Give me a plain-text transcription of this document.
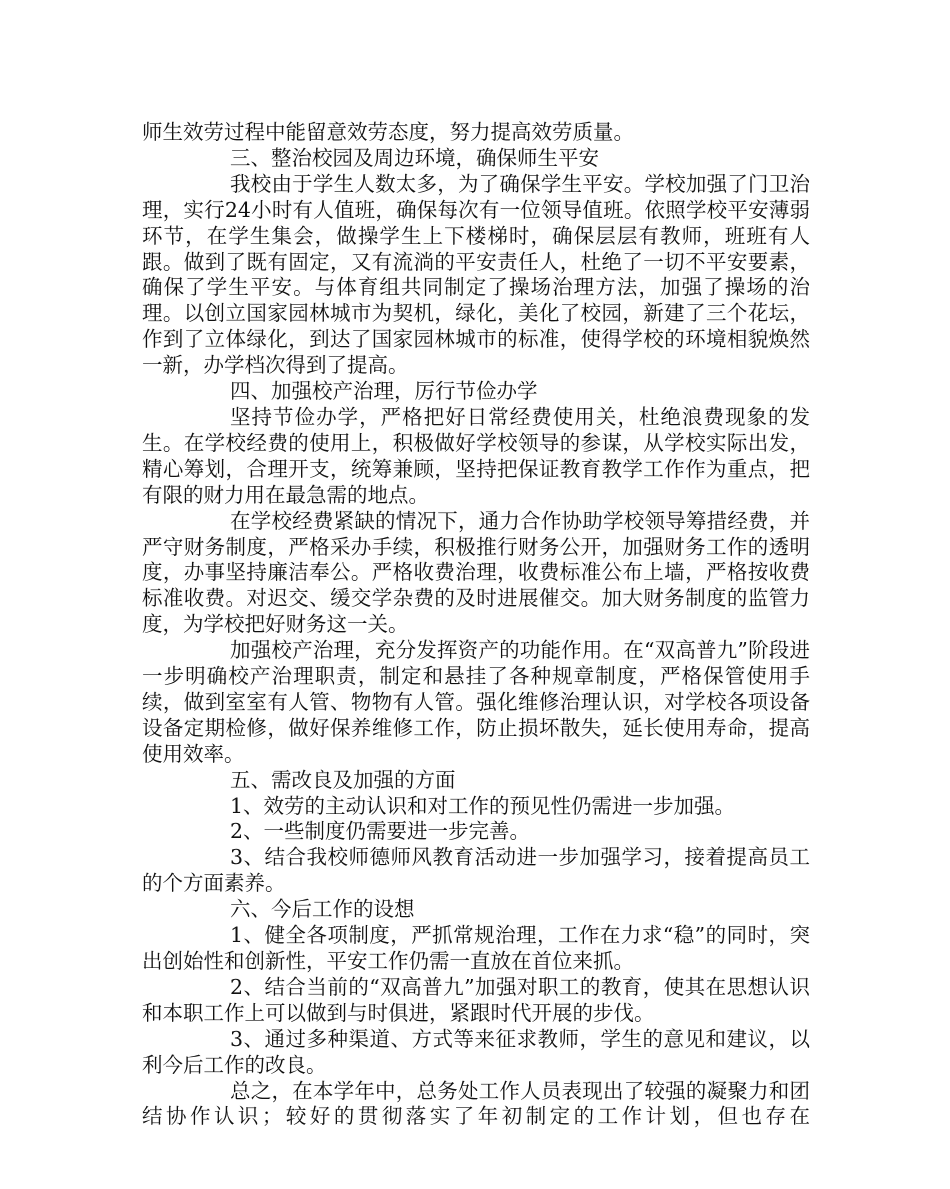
师生效劳过程中能留意效劳态度，努力提高效劳质量。

三、整治校园及周边环境，确保师生平安

我校由于学生人数太多，为了确保学生平安。学校加强了门卫治理，实行24小时有人值班，确保每次有一位领导值班。依照学校平安薄弱环节，在学生集会，做操学生上下楼梯时，确保层层有教师，班班有人跟。做到了既有固定，又有流淌的平安责任人，杜绝了一切不平安要素，确保了学生平安。与体育组共同制定了操场治理方法，加强了操场的治理。以创立国家园林城市为契机，绿化，美化了校园，新建了三个花坛，作到了立体绿化，到达了国家园林城市的标准，使得学校的环境相貌焕然一新，办学档次得到了提高。

四、加强校产治理，厉行节俭办学

坚持节俭办学，严格把好日常经费使用关，杜绝浪费现象的发生。在学校经费的使用上，积极做好学校领导的参谋，从学校实际出发，精心筹划，合理开支，统筹兼顾，坚持把保证教育教学工作作为重点，把有限的财力用在最急需的地点。

在学校经费紧缺的情况下，通力合作协助学校领导筹措经费，并严守财务制度，严格采办手续，积极推行财务公开，加强财务工作的透明度，办事坚持廉洁奉公。严格收费治理，收费标准公布上墙，严格按收费标准收费。对迟交、缓交学杂费的及时进展催交。加大财务制度的监管力度，为学校把好财务这一关。

加强校产治理，充分发挥资产的功能作用。在“双高普九”阶段进一步明确校产治理职责，制定和悬挂了各种规章制度，严格保管使用手续，做到室室有人管、物物有人管。强化维修治理认识，对学校各项设备设备定期检修，做好保养维修工作，防止损坏散失，延长使用寿命，提高使用效率。

五、需改良及加强的方面

1、效劳的主动认识和对工作的预见性仍需进一步加强。

2、一些制度仍需要进一步完善。

3、结合我校师德师风教育活动进一步加强学习，接着提高员工的个方面素养。

六、今后工作的设想

1、健全各项制度，严抓常规治理，工作在力求“稳”的同时，突出创始性和创新性，平安工作仍需一直放在首位来抓。

2、结合当前的“双高普九”加强对职工的教育，使其在思想认识和本职工作上可以做到与时俱进，紧跟时代开展的步伐。

3、通过多种渠道、方式等来征求教师，学生的意见和建议，以利今后工作的改良。

总之，在本学年中，总务处工作人员表现出了较强的凝聚力和团结协作认识；较好的贯彻落实了年初制定的工作计划，但也存在
